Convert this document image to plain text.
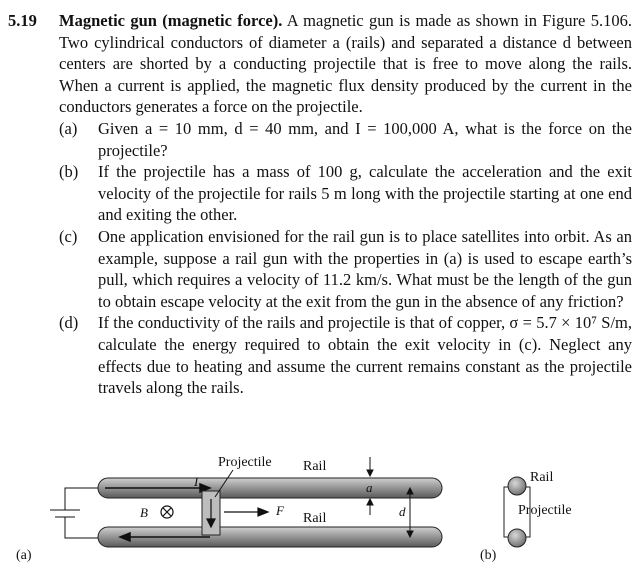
5.19 Magnetic gun (magnetic force). A magnetic gun is made as shown in Figure 5.106. Two cylindrical conductors of diameter a (rails) and separated a distance d between centers are shorted by a conducting projectile that is free to move along the rails. When a current is applied, the magnetic flux density produced by the current in the conductors generates a force on the projectile.
(a) Given a = 10 mm, d = 40 mm, and I = 100,000 A, what is the force on the projectile?
(b) If the projectile has a mass of 100 g, calculate the acceleration and the exit velocity of the projectile for rails 5 m long with the projectile starting at one end and exiting the other.
(c) One application envisioned for the rail gun is to place satellites into orbit. As an example, suppose a rail gun with the properties in (a) is used to escape earth’s pull, which requires a velocity of 11.2 km/s. What must be the length of the gun to obtain escape velocity at the exit from the gun in the absence of any friction?
(d) If the conductivity of the rails and projectile is that of copper, σ = 5.7 × 10⁷ S/m, calculate the energy required to obtain the exit velocity in (c). Neglect any effects due to heating and assume the current remains constant as the projectile travels along the rails.
I
F
B
Projectile Rail
Rail
a
d
(a)
Rail
Projectile
(b)
